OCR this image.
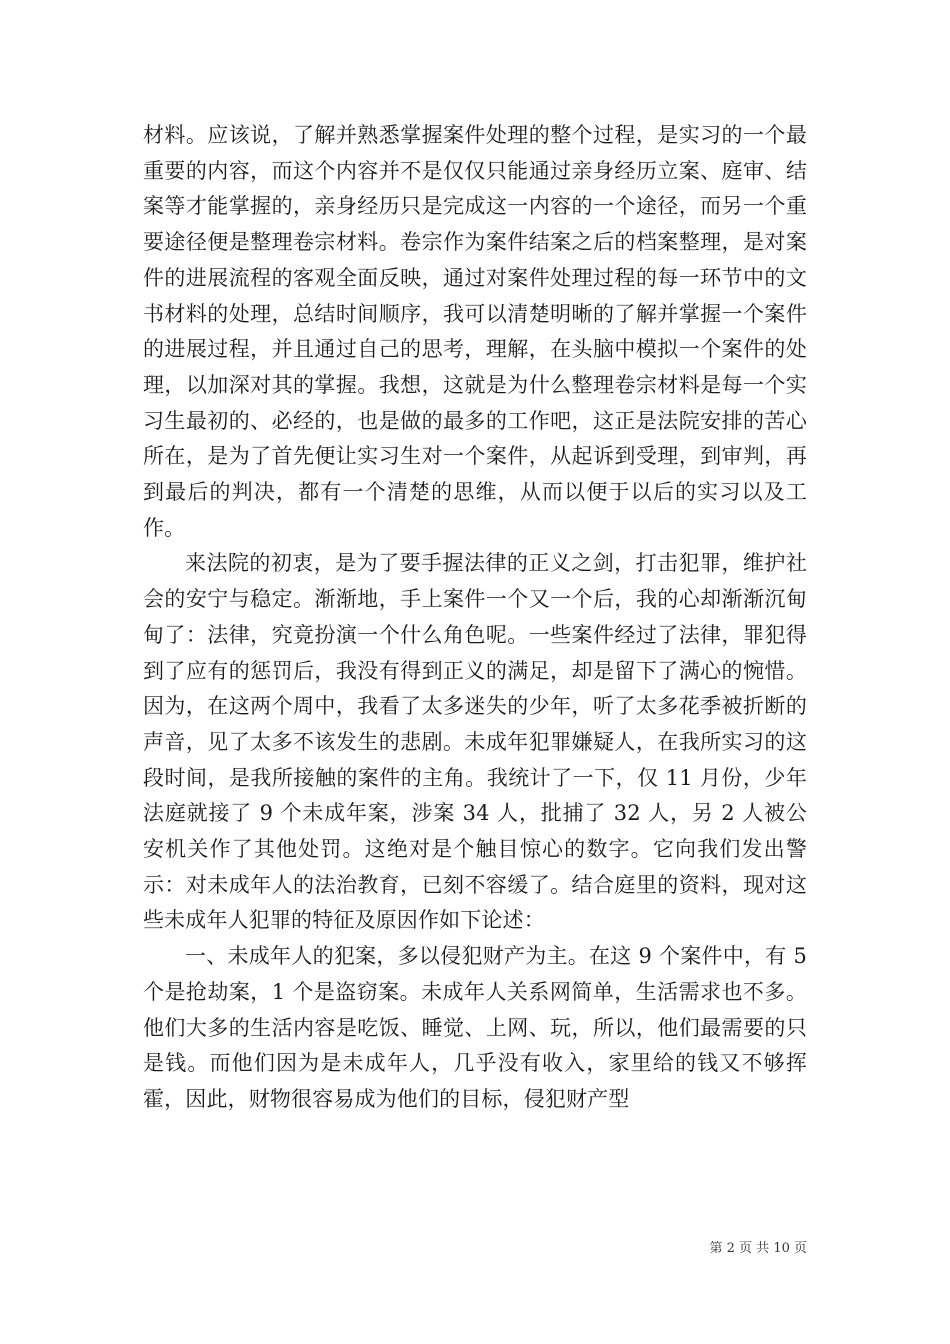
材料。应该说，了解并熟悉掌握案件处理的整个过程，是实习的一个最重要的内容，而这个内容并不是仅仅只能通过亲身经历立案、庭审、结案等才能掌握的，亲身经历只是完成这一内容的一个途径，而另一个重要途径便是整理卷宗材料。卷宗作为案件结案之后的档案整理，是对案件的进展流程的客观全面反映，通过对案件处理过程的每一环节中的文书材料的处理，总结时间顺序，我可以清楚明晰的了解并掌握一个案件的进展过程，并且通过自己的思考，理解，在头脑中模拟一个案件的处理，以加深对其的掌握。我想，这就是为什么整理卷宗材料是每一个实习生最初的、必经的，也是做的最多的工作吧，这正是法院安排的苦心所在，是为了首先便让实习生对一个案件，从起诉到受理，到审判，再到最后的判决，都有一个清楚的思维，从而以便于以后的实习以及工作。

来法院的初衷，是为了要手握法律的正义之剑，打击犯罪，维护社会的安宁与稳定。渐渐地，手上案件一个又一个后，我的心却渐渐沉甸甸了：法律，究竟扮演一个什么角色呢。一些案件经过了法律，罪犯得到了应有的惩罚后，我没有得到正义的满足，却是留下了满心的惋惜。因为，在这两个周中，我看了太多迷失的少年，听了太多花季被折断的声音，见了太多不该发生的悲剧。未成年犯罪嫌疑人，在我所实习的这段时间，是我所接触的案件的主角。我统计了一下，仅 11 月份，少年法庭就接了 9 个未成年案，涉案 34 人，批捕了 32 人，另 2 人被公安机关作了其他处罚。这绝对是个触目惊心的数字。它向我们发出警示：对未成年人的法治教育，已刻不容缓了。结合庭里的资料，现对这些未成年人犯罪的特征及原因作如下论述：

一、未成年人的犯案，多以侵犯财产为主。在这 9 个案件中，有 5 个是抢劫案，1 个是盗窃案。未成年人关系网简单，生活需求也不多。他们大多的生活内容是吃饭、睡觉、上网、玩，所以，他们最需要的只是钱。而他们因为是未成年人，几乎没有收入，家里给的钱又不够挥霍，因此，财物很容易成为他们的目标，侵犯财产型

第 2 页 共 10 页
